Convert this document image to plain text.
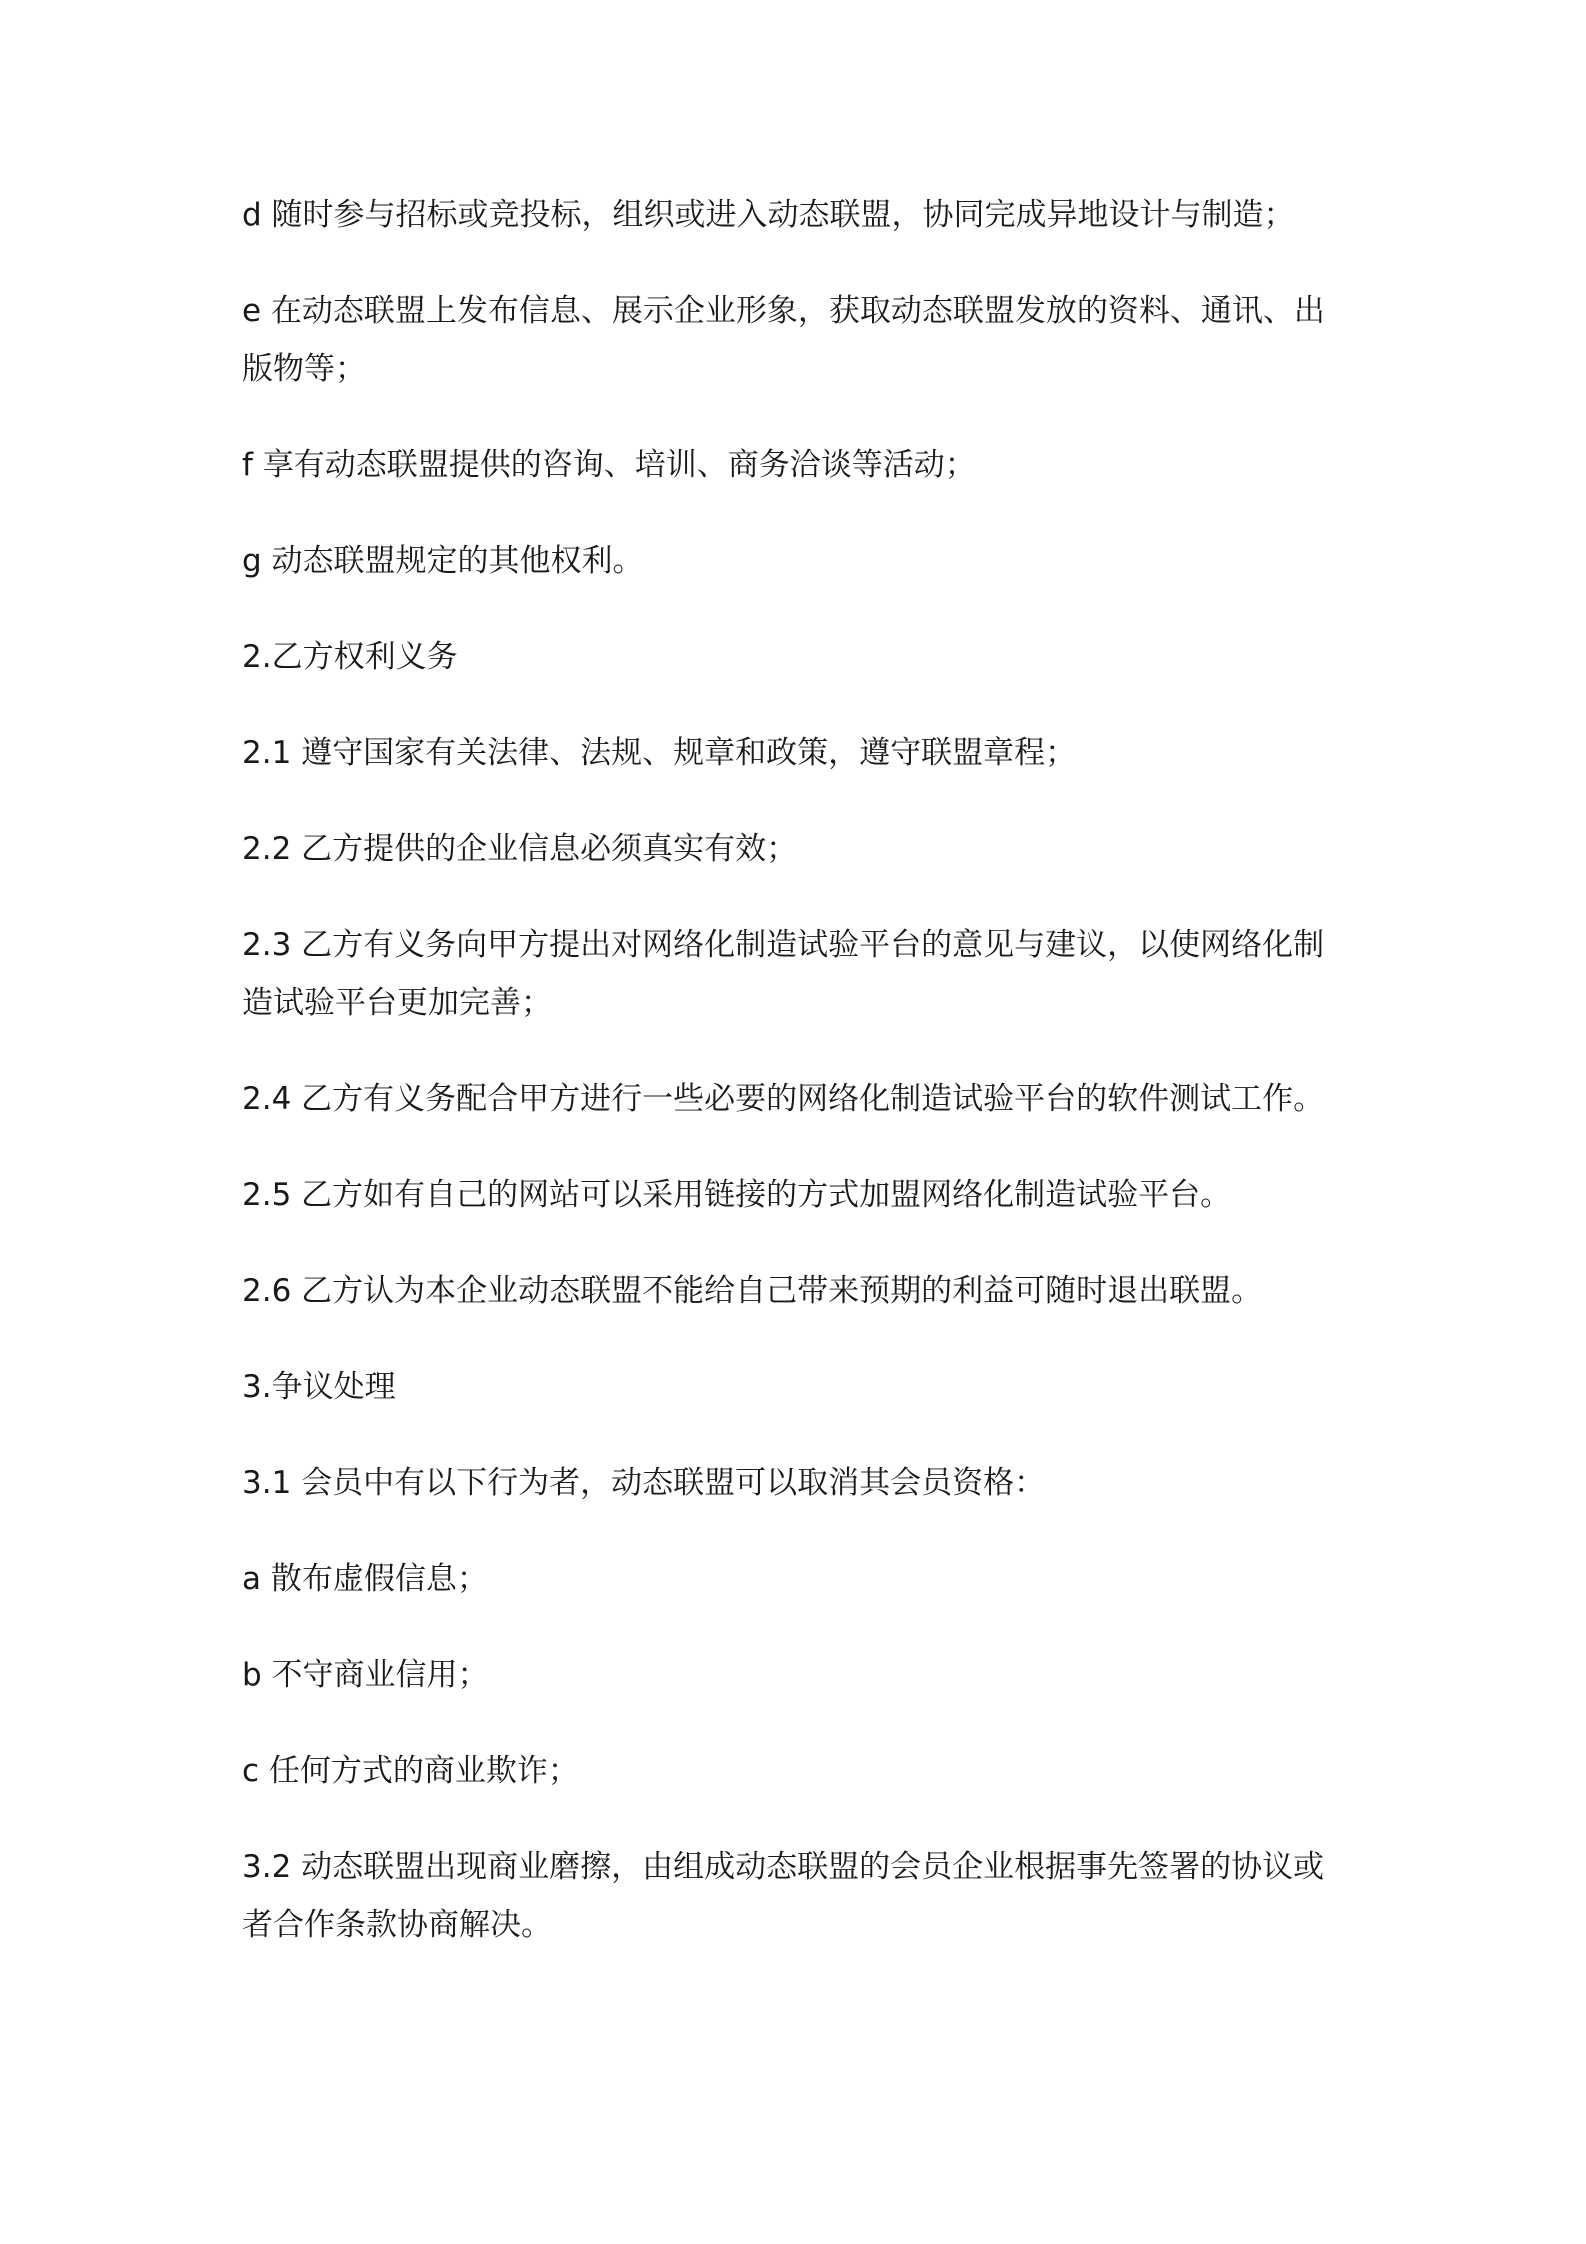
d 随时参与招标或竞投标，组织或进入动态联盟，协同完成异地设计与制造；

e 在动态联盟上发布信息、展示企业形象，获取动态联盟发放的资料、通讯、出版物等；

f 享有动态联盟提供的咨询、培训、商务洽谈等活动；

g 动态联盟规定的其他权利。

2.乙方权利义务

2.1 遵守国家有关法律、法规、规章和政策，遵守联盟章程；

2.2 乙方提供的企业信息必须真实有效；

2.3 乙方有义务向甲方提出对网络化制造试验平台的意见与建议，以使网络化制造试验平台更加完善；

2.4 乙方有义务配合甲方进行一些必要的网络化制造试验平台的软件测试工作。

2.5 乙方如有自己的网站可以采用链接的方式加盟网络化制造试验平台。

2.6 乙方认为本企业动态联盟不能给自己带来预期的利益可随时退出联盟。

3.争议处理

3.1 会员中有以下行为者，动态联盟可以取消其会员资格：

a 散布虚假信息；

b 不守商业信用；

c 任何方式的商业欺诈；

3.2 动态联盟出现商业磨擦，由组成动态联盟的会员企业根据事先签署的协议或者合作条款协商解决。
